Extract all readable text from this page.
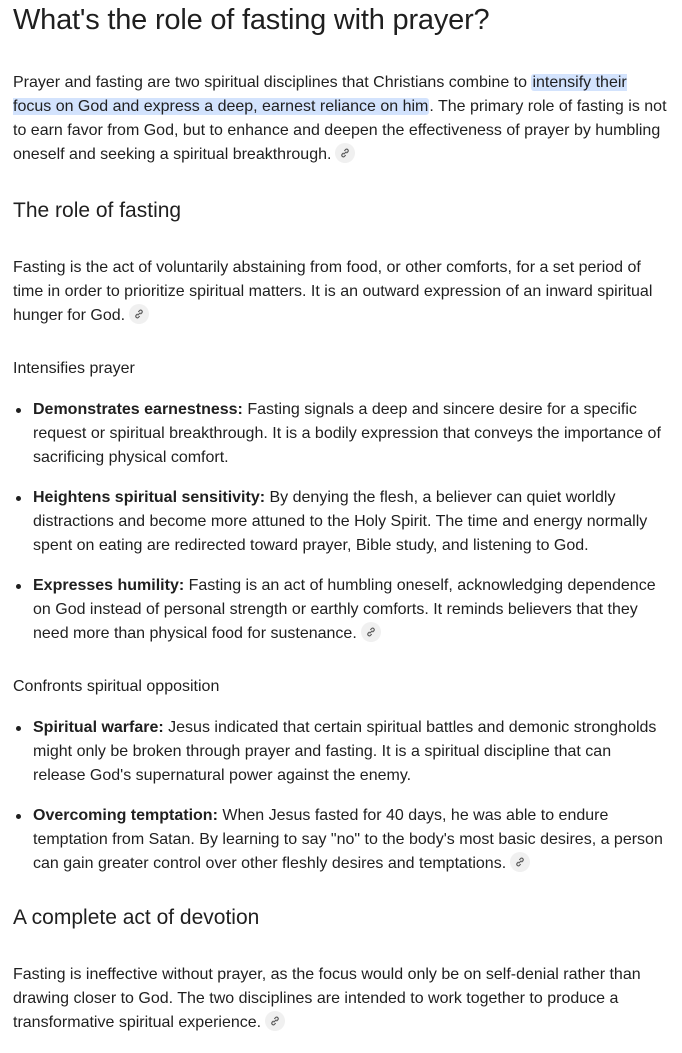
What's the role of fasting with prayer?

Prayer and fasting are two spiritual disciplines that Christians combine to intensify their focus on God and express a deep, earnest reliance on him. The primary role of fasting is not to earn favor from God, but to enhance and deepen the effectiveness of prayer by humbling oneself and seeking a spiritual breakthrough.

The role of fasting

Fasting is the act of voluntarily abstaining from food, or other comforts, for a set period of time in order to prioritize spiritual matters. It is an outward expression of an inward spiritual hunger for God.

Intensifies prayer
Demonstrates earnestness: Fasting signals a deep and sincere desire for a specific request or spiritual breakthrough. It is a bodily expression that conveys the importance of sacrificing physical comfort.
Heightens spiritual sensitivity: By denying the flesh, a believer can quiet worldly distractions and become more attuned to the Holy Spirit. The time and energy normally spent on eating are redirected toward prayer, Bible study, and listening to God.
Expresses humility: Fasting is an act of humbling oneself, acknowledging dependence on God instead of personal strength or earthly comforts. It reminds believers that they need more than physical food for sustenance.
Confronts spiritual opposition
Spiritual warfare: Jesus indicated that certain spiritual battles and demonic strongholds might only be broken through prayer and fasting. It is a spiritual discipline that can release God's supernatural power against the enemy.
Overcoming temptation: When Jesus fasted for 40 days, he was able to endure temptation from Satan. By learning to say "no" to the body's most basic desires, a person can gain greater control over other fleshly desires and temptations.
A complete act of devotion

Fasting is ineffective without prayer, as the focus would only be on self-denial rather than drawing closer to God. The two disciplines are intended to work together to produce a transformative spiritual experience.
